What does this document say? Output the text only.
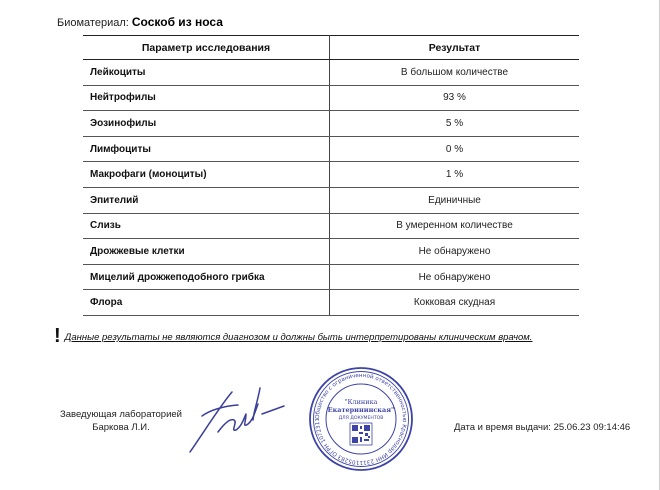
Биоматериал: Соскоб из носа
Параметр исследования	Результат
Лейкоциты	В большом количестве
Нейтрофилы	93 %
Эозинофилы	5 %
Лимфоциты	0 %
Макрофаги (моноциты)	1 %
Эпителий	Единичные
Слизь	В умеренном количестве
Дрожжевые клетки	Не обнаружено
Мицелий дрожжеподобного грибка	Не обнаружено
Флора	Кокковая скудная
! Данные результаты не являются диагнозом и должны быть интерпретированы клиническим врачом.
Заведующая лабораторией
Баркова Л.И.
Общество с ограниченной ответственностью Краснодар ИНН 2311105283 ОГРН 1072311
"Клиника
Екатерининская"
ДЛЯ ДОКУМЕНТОВ
Дата и время выдачи: 25.06.23 09:14:46
